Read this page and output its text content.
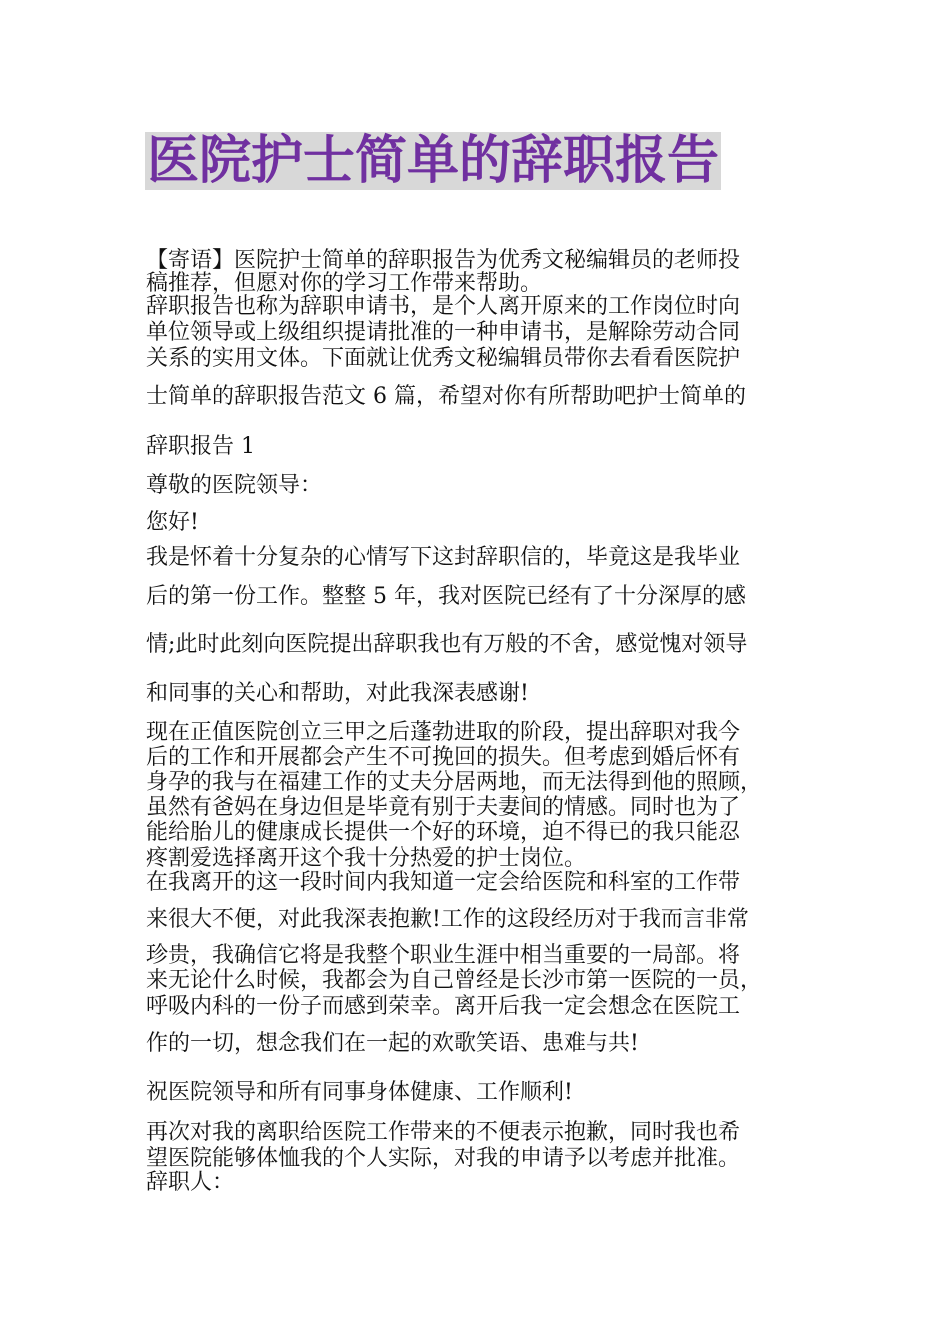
医院护士简单的辞职报告
【寄语】医院护士简单的辞职报告为优秀文秘编辑员的老师投
稿推荐，但愿对你的学习工作带来帮助。
辞职报告也称为辞职申请书，是个人离开原来的工作岗位时向
单位领导或上级组织提请批准的一种申请书，是解除劳动合同
关系的实用文体。下面就让优秀文秘编辑员带你去看看医院护
士简单的辞职报告范文 6 篇，希望对你有所帮助吧护士简单的
辞职报告 1
尊敬的医院领导：
您好!
我是怀着十分复杂的心情写下这封辞职信的，毕竟这是我毕业
后的第一份工作。整整 5 年，我对医院已经有了十分深厚的感
情;此时此刻向医院提出辞职我也有万般的不舍，感觉愧对领导
和同事的关心和帮助，对此我深表感谢!
现在正值医院创立三甲之后蓬勃进取的阶段，提出辞职对我今
后的工作和开展都会产生不可挽回的损失。但考虑到婚后怀有
身孕的我与在福建工作的丈夫分居两地，而无法得到他的照顾，
虽然有爸妈在身边但是毕竟有别于夫妻间的情感。同时也为了
能给胎儿的健康成长提供一个好的环境，迫不得已的我只能忍
疼割爱选择离开这个我十分热爱的护士岗位。
在我离开的这一段时间内我知道一定会给医院和科室的工作带
来很大不便，对此我深表抱歉!工作的这段经历对于我而言非常
珍贵，我确信它将是我整个职业生涯中相当重要的一局部。将
来无论什么时候，我都会为自己曾经是长沙市第一医院的一员，
呼吸内科的一份子而感到荣幸。离开后我一定会想念在医院工
作的一切，想念我们在一起的欢歌笑语、患难与共!
祝医院领导和所有同事身体健康、工作顺利!
再次对我的离职给医院工作带来的不便表示抱歉，同时我也希
望医院能够体恤我的个人实际，对我的申请予以考虑并批准。
辞职人：
